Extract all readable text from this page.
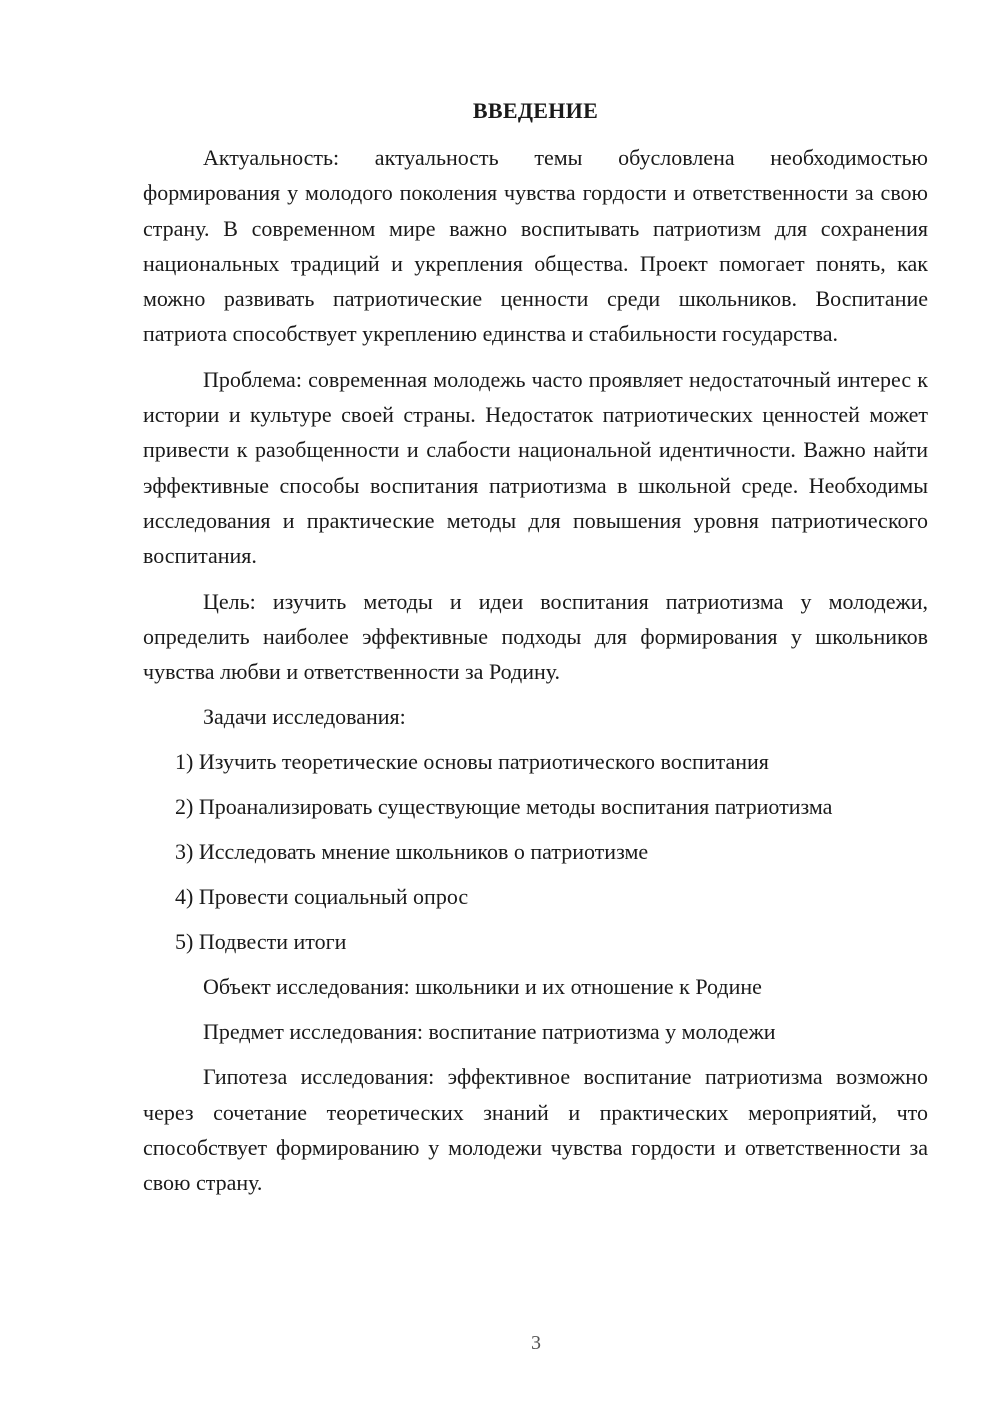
ВВЕДЕНИЕ

Актуальность: актуальность темы обусловлена необходимостью формирования у молодого поколения чувства гордости и ответственности за свою страну. В современном мире важно воспитывать патриотизм для сохранения национальных традиций и укрепления общества. Проект помогает понять, как можно развивать патриотические ценности среди школьников. Воспитание патриота способствует укреплению единства и стабильности государства.

Проблема: современная молодежь часто проявляет недостаточный интерес к истории и культуре своей страны. Недостаток патриотических ценностей может привести к разобщенности и слабости национальной идентичности. Важно найти эффективные способы воспитания патриотизма в школьной среде. Необходимы исследования и практические методы для повышения уровня патриотического воспитания.

Цель: изучить методы и идеи воспитания патриотизма у молодежи, определить наиболее эффективные подходы для формирования у школьников чувства любви и ответственности за Родину.

Задачи исследования:

1) Изучить теоретические основы патриотического воспитания
2) Проанализировать существующие методы воспитания патриотизма
3) Исследовать мнение школьников о патриотизме
4) Провести социальный опрос
5) Подвести итоги

Объект исследования: школьники и их отношение к Родине

Предмет исследования: воспитание патриотизма у молодежи

Гипотеза исследования: эффективное воспитание патриотизма возможно через сочетание теоретических знаний и практических мероприятий, что способствует формированию у молодежи чувства гордости и ответственности за свою страну.

3
